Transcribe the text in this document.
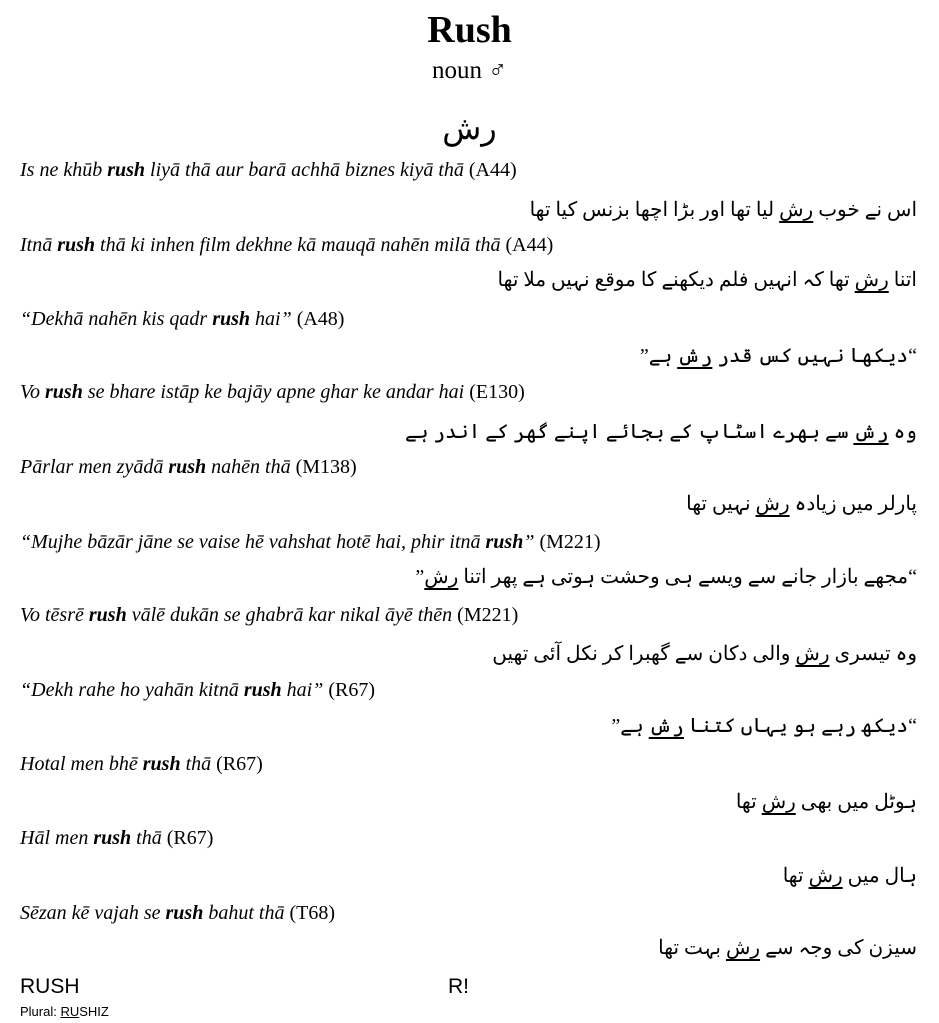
Rush
noun ♂
رش
Is ne khūb rush liyā thā aur barā achhā biznes kiyā thā (A44)
اس نے خوب رش لیا تھا اور بڑا اچھا بزنس کیا تھا
Itnā rush thā ki inhen film dekhne kā mauqā nahēn milā thā (A44)
اتنا رش تھا کہ انہیں فلم دیکھنے کا موقع نہیں ملا تھا
“Dekhā nahēn kis qadr rush hai” (A48)
“دیکھا نہیں کس قدر رش ہے”
Vo rush se bhare istāp ke bajāy apne ghar ke andar hai (E130)
وہ رش سے بھرے اسٹاپ کے بجائے اپنے گھر کے اندر ہے
Pārlar men zyādā rush nahēn thā (M138)
پارلر میں زیادہ رش نہیں تھا
“Mujhe bāzār jāne se vaise hē vahshat hotē hai, phir itnā rush” (M221)
“مجھے بازار جانے سے ویسے ہی وحشت ہوتی ہے پھر اتنا رش”
Vo tēsrē rush vālē dukān se ghabrā kar nikal āyē thēn (M221)
وہ تیسری رش والی دکان سے گھبرا کر نکل آئی تھیں
“Dekh rahe ho yahān kitnā rush hai” (R67)
“دیکھ رہے ہو یہاں کتنا رش ہے”
Hotal men bhē rush thā (R67)
ہوٹل میں بھی رش تھا
Hāl men rush thā (R67)
ہال میں رش تھا
Sēzan kē vajah se rush bahut thā (T68)
سیزن کی وجہ سے رش بہت تھا
RUSH	R!
Plural: RUSHIZ
